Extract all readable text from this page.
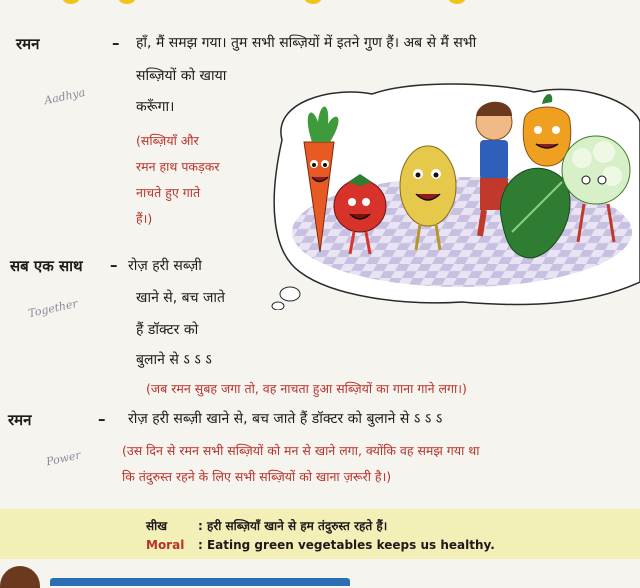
रमन	– हाँ, मैं समझ गया। तुम सभी सब्ज़ियों में इतने गुण हैं। अब से मैं सभी
सब्ज़ियों को खाया
करूँगा।
(सब्ज़ियाँ और
रमन हाथ पकड़कर
नाचते हुए गाते
हैं।)
Aadhya
सब एक साथ – रोज़ हरी सब्ज़ी
खाने से, बच जाते
हैं डॉक्टर को
बुलाने से ऽ ऽ ऽ
(जब रमन सुबह जगा तो, वह नाचता हुआ सब्ज़ियों का गाना गाने लगा।)
Together
रमन	– रोज़ हरी सब्ज़ी खाने से, बच जाते हैं डॉक्टर को बुलाने से ऽ ऽ ऽ
(उस दिन से रमन सभी सब्ज़ियों को मन से खाने लगा, क्योंकि वह समझ गया था
कि तंदुरुस्त रहने के लिए सभी सब्ज़ियों को खाना ज़रूरी है।)
Power
सीख	: हरी सब्ज़ियाँ खाने से हम तंदुरुस्त रहते हैं।
Moral : Eating green vegetables keeps us healthy.
